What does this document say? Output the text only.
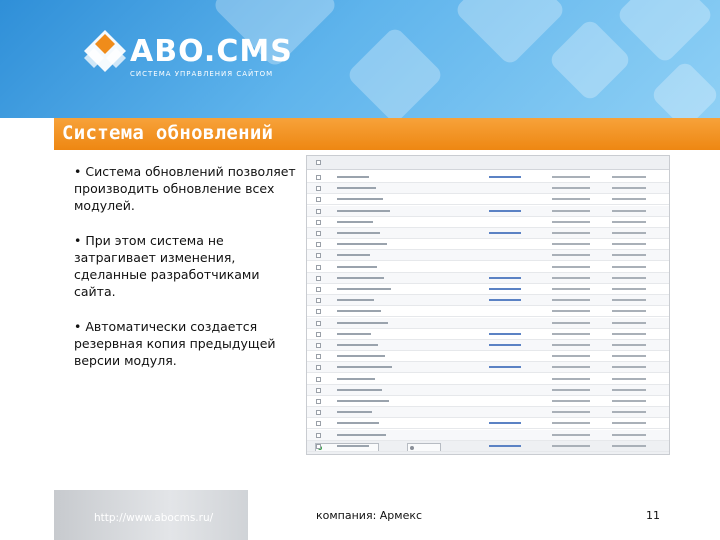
ABO.CMS
СИСТЕМА УПРАВЛЕНИЯ САЙТОМ
Система обновлений

• Система обновлений позволяет производить обновление всех модулей.

• При этом система не затрагивает изменения, сделанные разработчиками сайта.

• Автоматически создается резервная копия предыдущей версии модуля.

http://www.abocms.ru/	компания: Армекс	11
